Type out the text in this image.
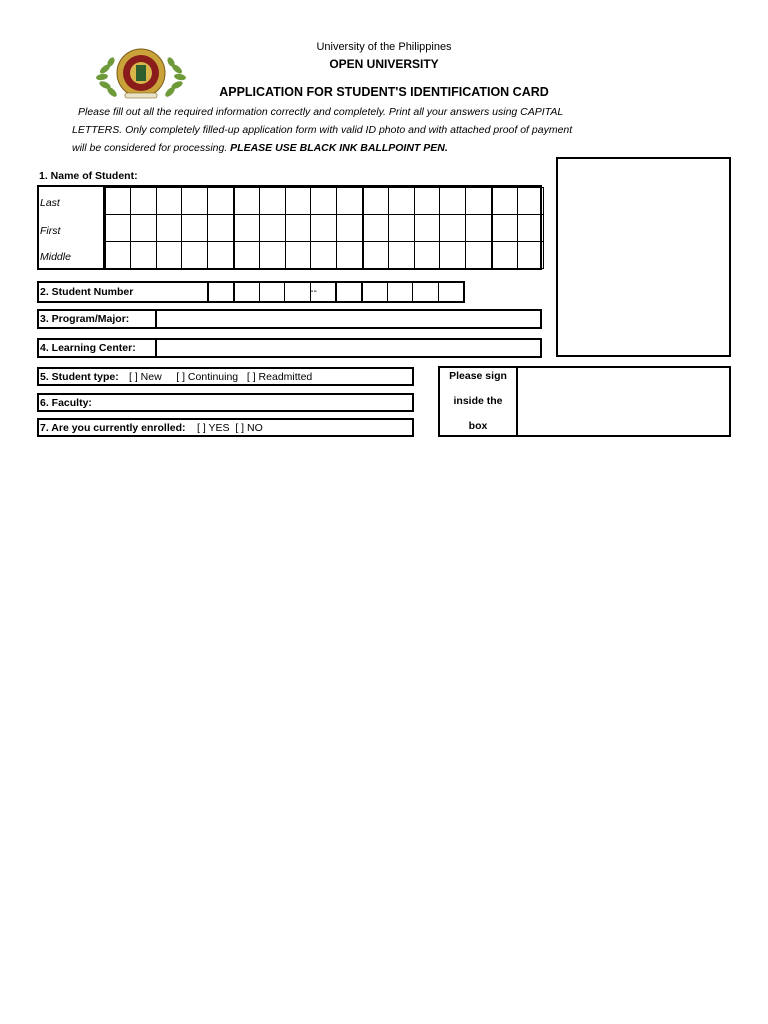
University of the Philippines
OPEN UNIVERSITY
APPLICATION FOR STUDENT'S IDENTIFICATION CARD
Please fill out all the required information correctly and completely. Print all your answers using CAPITAL
LETTERS. Only completely filled-up application form with valid ID photo and with attached proof of payment
will be considered for processing. PLEASE USE BLACK INK BALLPOINT PEN.
1. Name of Student:
Last
First
Middle
2. Student Number	--
3. Program/Major:
4. Learning Center:
5. Student type: [ ] New     [ ] Continuing   [ ] Readmitted
6. Faculty:
7. Are you currently enrolled: [ ] YES  [ ] NO
Please sign
inside the
box
